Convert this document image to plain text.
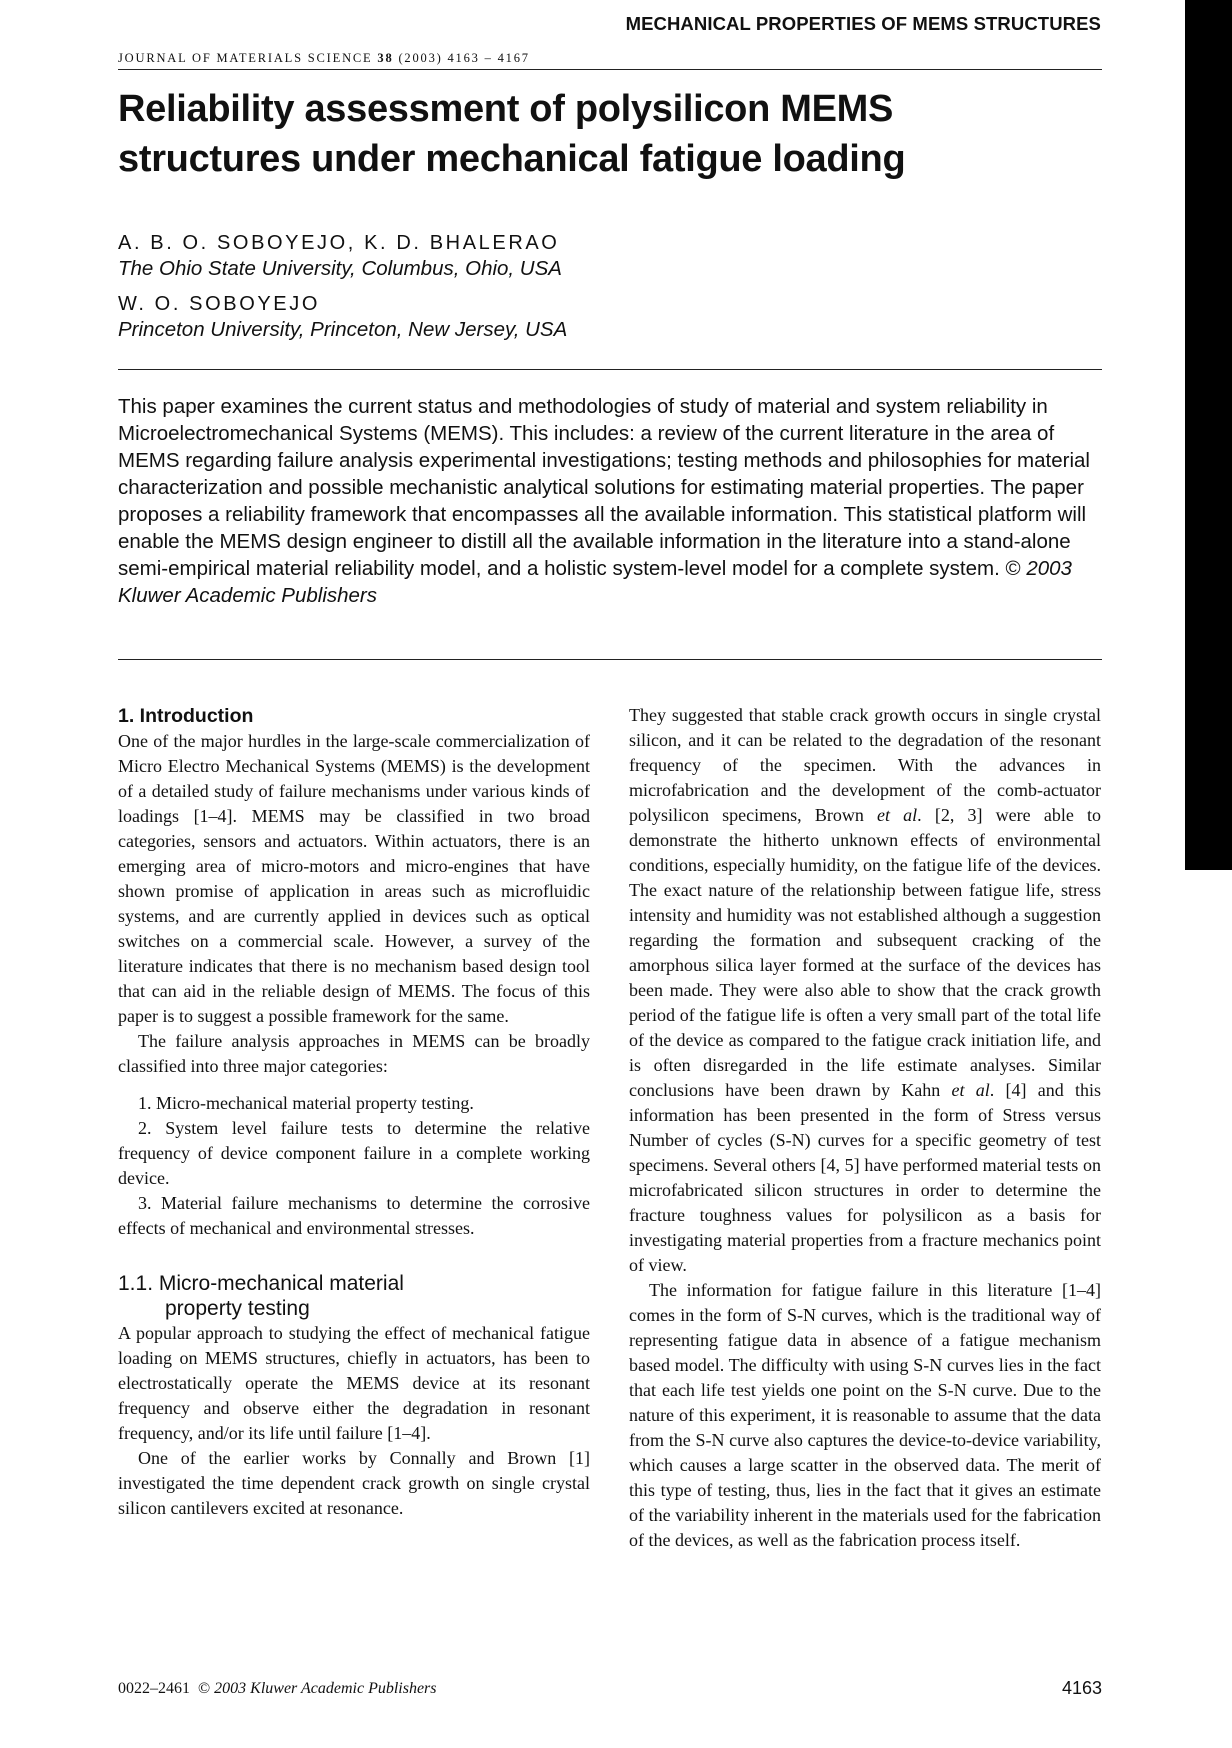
MECHANICAL PROPERTIES OF MEMS STRUCTURES
JOURNAL OF MATERIALS SCIENCE 38 (2003) 4163 – 4167
Reliability assessment of polysilicon MEMS
structures under mechanical fatigue loading
A. B. O. SOBOYEJO, K. D. BHALERAO
The Ohio State University, Columbus, Ohio, USA
W. O. SOBOYEJO
Princeton University, Princeton, New Jersey, USA
This paper examines the current status and methodologies of study of material and system reliability in Microelectromechanical Systems (MEMS). This includes: a review of the current literature in the area of MEMS regarding failure analysis experimental investigations; testing methods and philosophies for material characterization and possible mechanistic analytical solutions for estimating material properties. The paper proposes a reliability framework that encompasses all the available information. This statistical platform will enable the MEMS design engineer to distill all the available information in the literature into a stand-alone semi-empirical material reliability model, and a holistic system-level model for a complete system. © 2003 Kluwer Academic Publishers
1. Introduction

One of the major hurdles in the large-scale commercialization of Micro Electro Mechanical Systems (MEMS) is the development of a detailed study of failure mechanisms under various kinds of loadings [1–4]. MEMS may be classified in two broad categories, sensors and actuators. Within actuators, there is an emerging area of micro-motors and micro-engines that have shown promise of application in areas such as microfluidic systems, and are currently applied in devices such as optical switches on a commercial scale. However, a survey of the literature indicates that there is no mechanism based design tool that can aid in the reliable design of MEMS. The focus of this paper is to suggest a possible framework for the same.

The failure analysis approaches in MEMS can be broadly classified into three major categories:

1. Micro-mechanical material property testing.

2. System level failure tests to determine the relative frequency of device component failure in a complete working device.

3. Material failure mechanisms to determine the corrosive effects of mechanical and environmental stresses.

1.1. Micro-mechanical material
property testing

A popular approach to studying the effect of mechanical fatigue loading on MEMS structures, chiefly in actuators, has been to electrostatically operate the MEMS device at its resonant frequency and observe either the degradation in resonant frequency, and/or its life until failure [1–4].

One of the earlier works by Connally and Brown [1] investigated the time dependent crack growth on single crystal silicon cantilevers excited at resonance.

They suggested that stable crack growth occurs in single crystal silicon, and it can be related to the degradation of the resonant frequency of the specimen. With the advances in microfabrication and the development of the comb-actuator polysilicon specimens, Brown et al. [2, 3] were able to demonstrate the hitherto unknown effects of environmental conditions, especially humidity, on the fatigue life of the devices. The exact nature of the relationship between fatigue life, stress intensity and humidity was not established although a suggestion regarding the formation and subsequent cracking of the amorphous silica layer formed at the surface of the devices has been made. They were also able to show that the crack growth period of the fatigue life is often a very small part of the total life of the device as compared to the fatigue crack initiation life, and is often disregarded in the life estimate analyses. Similar conclusions have been drawn by Kahn et al. [4] and this information has been presented in the form of Stress versus Number of cycles (S-N) curves for a specific geometry of test specimens. Several others [4, 5] have performed material tests on microfabricated silicon structures in order to determine the fracture toughness values for polysilicon as a basis for investigating material properties from a fracture mechanics point of view.

The information for fatigue failure in this literature [1–4] comes in the form of S-N curves, which is the traditional way of representing fatigue data in absence of a fatigue mechanism based model. The difficulty with using S-N curves lies in the fact that each life test yields one point on the S-N curve. Due to the nature of this experiment, it is reasonable to assume that the data from the S-N curve also captures the device-to-device variability, which causes a large scatter in the observed data. The merit of this type of testing, thus, lies in the fact that it gives an estimate of the variability inherent in the materials used for the fabrication of the devices, as well as the fabrication process itself.

0022–2461 © 2003 Kluwer Academic Publishers	4163
